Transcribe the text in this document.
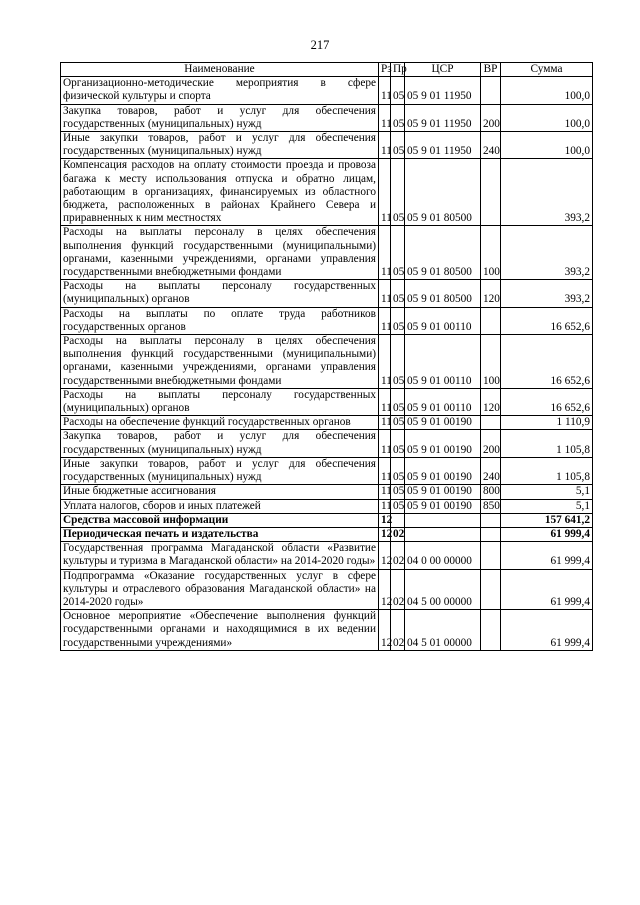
217
Наименование	Рз	Пр	ЦСР	ВР	Сумма
Организационно-методические мероприятия в сфере физической культуры и спорта	11	05	05 9 01 11950		100,0
Закупка товаров, работ и услуг для обеспечения государственных (муниципальных) нужд	11	05	05 9 01 11950	200	100,0
Иные закупки товаров, работ и услуг для обеспечения государственных (муниципальных) нужд	11	05	05 9 01 11950	240	100,0
Компенсация расходов на оплату стоимости проезда и провоза багажа к месту использования отпуска и обратно лицам, работающим в организациях, финансируемых из областного бюджета, расположенных в районах Крайнего Севера и приравненных к ним местностях	11	05	05 9 01 80500		393,2
Расходы на выплаты персоналу в целях обеспечения выполнения функций государственными (муниципальными) органами, казенными учреждениями, органами управления государственными внебюджетными фондами	11	05	05 9 01 80500	100	393,2
Расходы на выплаты персоналу государственных (муниципальных) органов	11	05	05 9 01 80500	120	393,2
Расходы на выплаты по оплате труда работников государственных органов	11	05	05 9 01 00110		16 652,6
Расходы на выплаты персоналу в целях обеспечения выполнения функций государственными (муниципальными) органами, казенными учреждениями, органами управления государственными внебюджетными фондами	11	05	05 9 01 00110	100	16 652,6
Расходы на выплаты персоналу государственных (муниципальных) органов	11	05	05 9 01 00110	120	16 652,6
Расходы на обеспечение функций государственных органов	11	05	05 9 01 00190		1 110,9
Закупка товаров, работ и услуг для обеспечения государственных (муниципальных) нужд	11	05	05 9 01 00190	200	1 105,8
Иные закупки товаров, работ и услуг для обеспечения государственных (муниципальных) нужд	11	05	05 9 01 00190	240	1 105,8
Иные бюджетные ассигнования	11	05	05 9 01 00190	800	5,1
Уплата налогов, сборов и иных платежей	11	05	05 9 01 00190	850	5,1
Средства массовой информации	12				157 641,2
Периодическая печать и издательства	12	02			61 999,4
Государственная программа Магаданской области «Развитие культуры и туризма в Магаданской области» на 2014-2020 годы»	12	02	04 0 00 00000		61 999,4
Подпрограмма «Оказание государственных услуг в сфере культуры и отраслевого образования Магаданской области» на 2014-2020 годы»	12	02	04 5 00 00000		61 999,4
Основное мероприятие «Обеспечение выполнения функций государственными органами и находящимися в их ведении государственными учреждениями»	12	02	04 5 01 00000		61 999,4
